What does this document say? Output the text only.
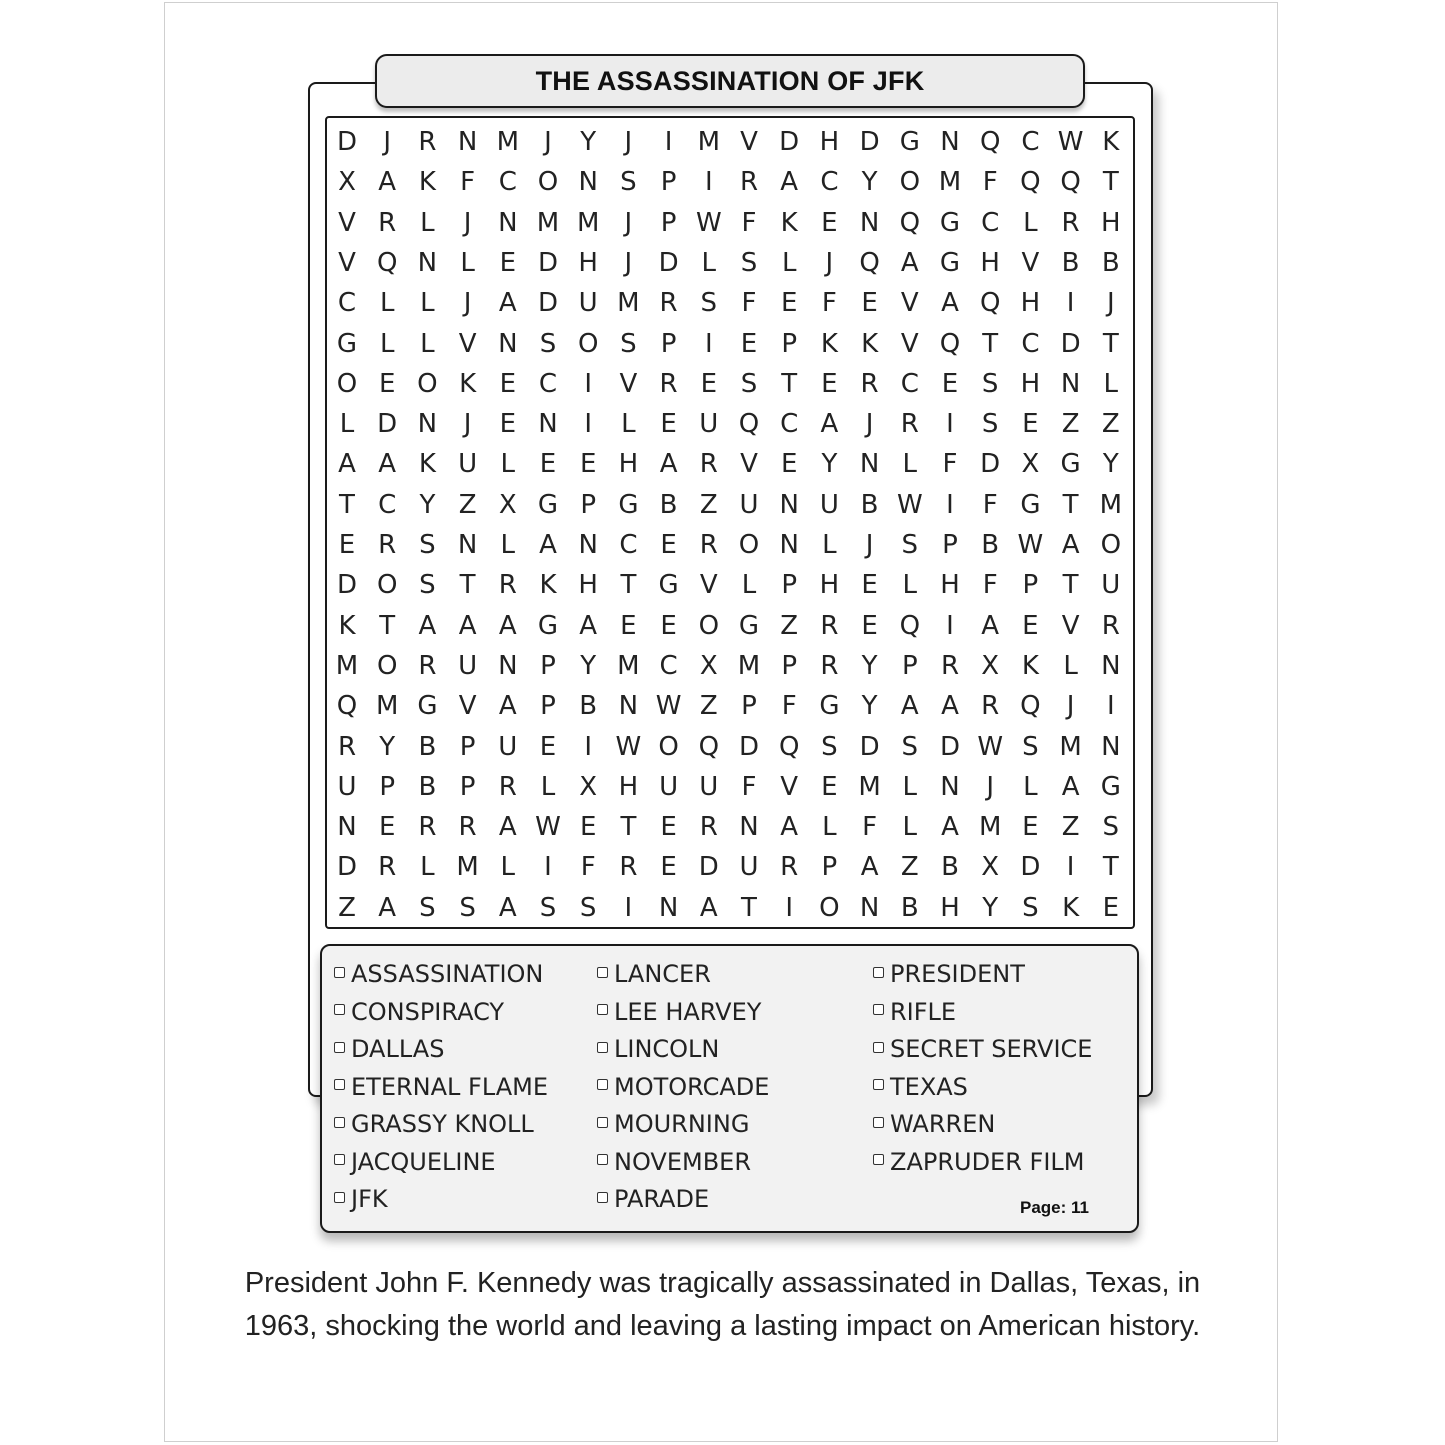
THE ASSASSINATION OF JFK
D	J	R N M J	Y	J	I M V D H D G N Q C W K
X A K F C O N S P	I	R A C Y O M F Q Q T
V R L	J	N M M J	P W F K E N Q G C L R H
V Q N L E D H	J	D L S L	J	Q A G H V B B
C L L	J	A D U M R S F E F E V A Q H	I	J
G L L V N S O S P	I	E P K K V Q T C D T
O E O K E C	I	V R E S T E R C E S H N L
L D N	J	E N	I	L E U Q C A	J	R	I	S E Z Z
A A K U L E E H A R V E Y N L F D X G Y
T C Y Z X G P G B Z U N U B W I	F G T M
E R S N L A N C E R O N L	J	S P B W A O
D O S T R K H T G V L P H E L H F P T U
K T A A A G A E E O G Z R E Q	I	A E V R
M O R U N P Y M C X M P R Y P R X K L N
Q M G V A P B N W Z P F G Y A A R Q	J	I
R Y B P U E	I W O Q D Q S D S D W S M N
U P B P R L X H U U F V E M L N	J	L A G
N E R R A W E T E R N A L F L A M E Z S
D R L M L	I	F R E D U R P A Z B X D	I	T
Z A S S A S S	I	N A T	I	O N B H Y S K E
ASSASSINATION
CONSPIRACY
DALLAS
ETERNAL FLAME
GRASSY KNOLL
JACQUELINE
JFK
LANCER
LEE HARVEY
LINCOLN
MOTORCADE
MOURNING
NOVEMBER
PARADE
PRESIDENT
RIFLE
SECRET SERVICE
TEXAS
WARREN
ZAPRUDER FILM
Page: 11
President John F. Kennedy was tragically assassinated in Dallas, Texas, in 1963, shocking the world and leaving a lasting impact on American history.
